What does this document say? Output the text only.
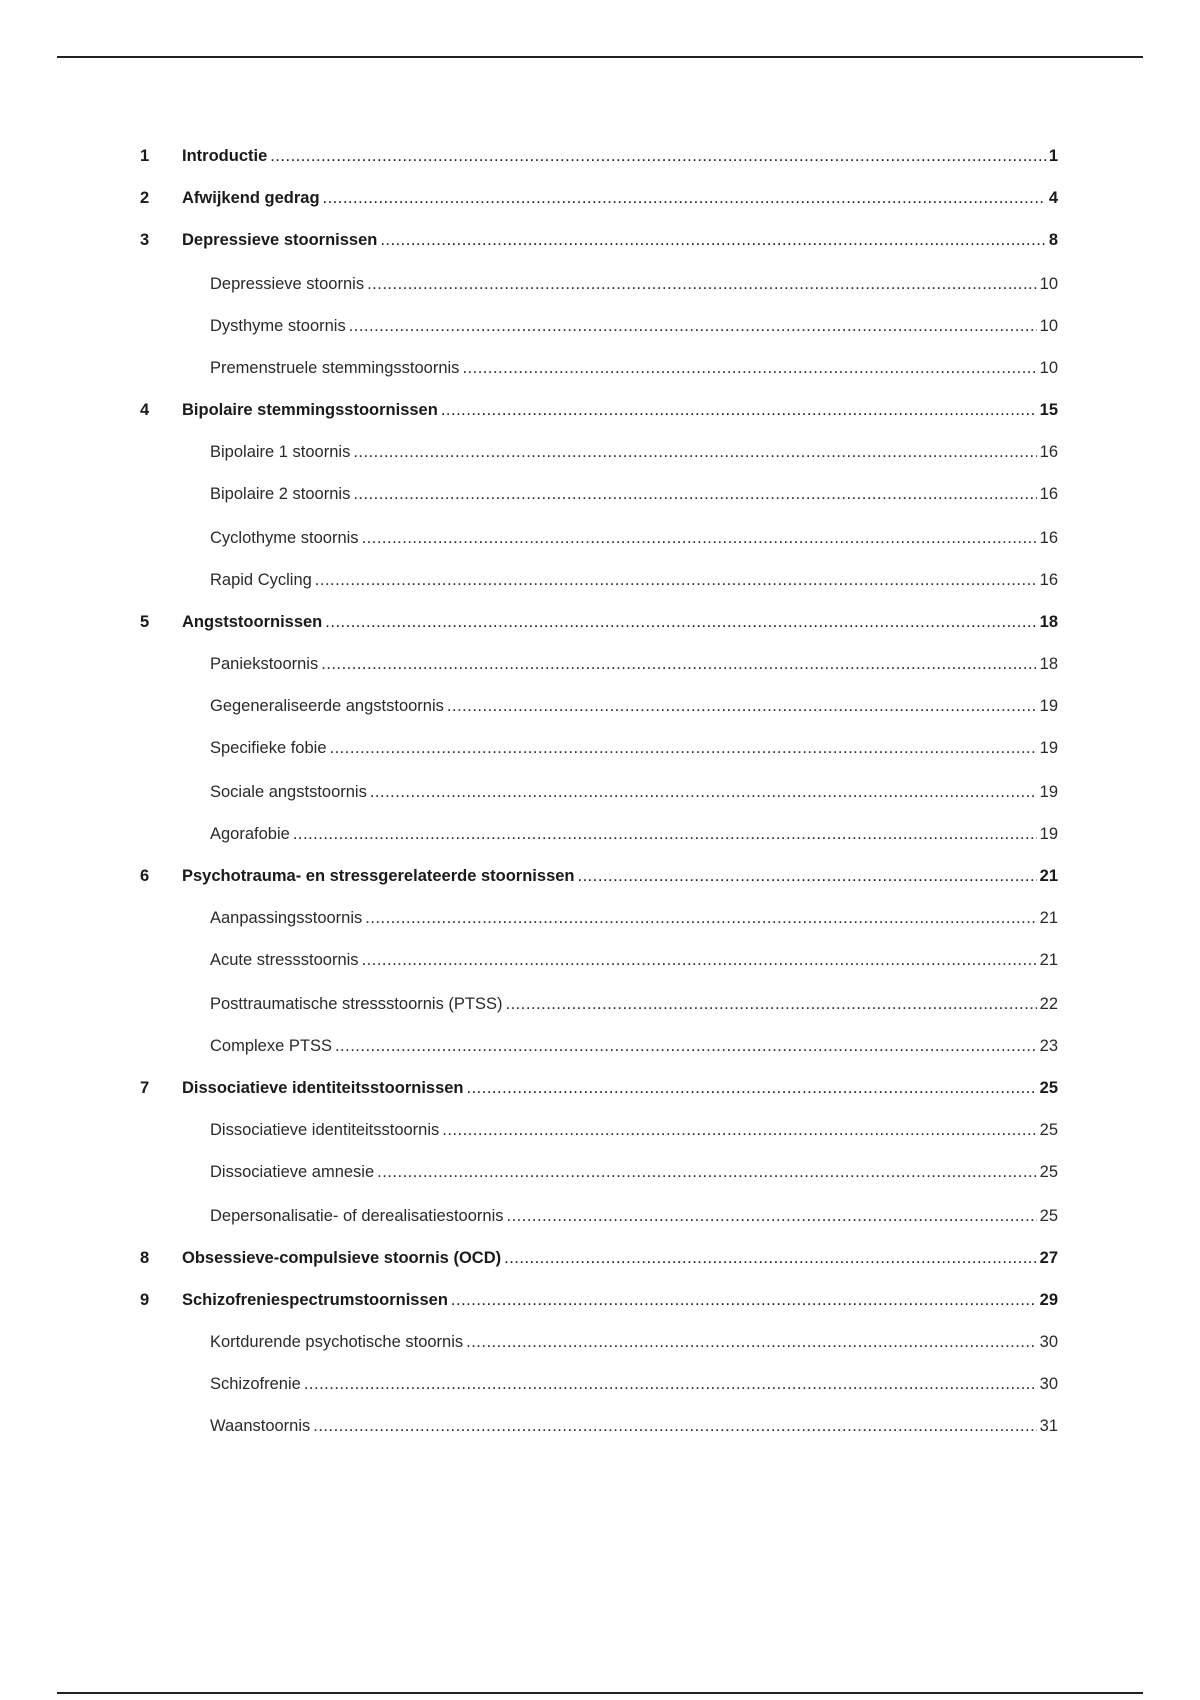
1	Introductie .....	1
2	Afwijkend gedrag .....	4
3	Depressieve stoornissen .....	8
Depressieve stoornis .....	10
Dysthyme stoornis .....	10
Premenstruele stemmingsstoornis .....	10
4	Bipolaire stemmingsstoornissen .....	15
Bipolaire 1 stoornis .....	16
Bipolaire 2 stoornis .....	16
Cyclothyme stoornis .....	16
Rapid Cycling .....	16
5	Angststoornissen .....	18
Paniekstoornis .....	18
Gegeneraliseerde angststoornis .....	19
Specifieke fobie .....	19
Sociale angststoornis .....	19
Agorafobie .....	19
6	Psychotrauma- en stressgerelateerde stoornissen .....	21
Aanpassingsstoornis .....	21
Acute stressstoornis .....	21
Posttraumatische stressstoornis (PTSS) .....	22
Complexe PTSS .....	23
7	Dissociatieve identiteitsstoornissen .....	25
Dissociatieve identiteitsstoornis .....	25
Dissociatieve amnesie .....	25
Depersonalisatie- of derealisatiestoornis .....	25
8	Obsessieve-compulsieve stoornis (OCD) .....	27
9	Schizofreniespectrumstoornissen .....	29
Kortdurende psychotische stoornis .....	30
Schizofrenie .....	30
Waanstoornis .....	31
